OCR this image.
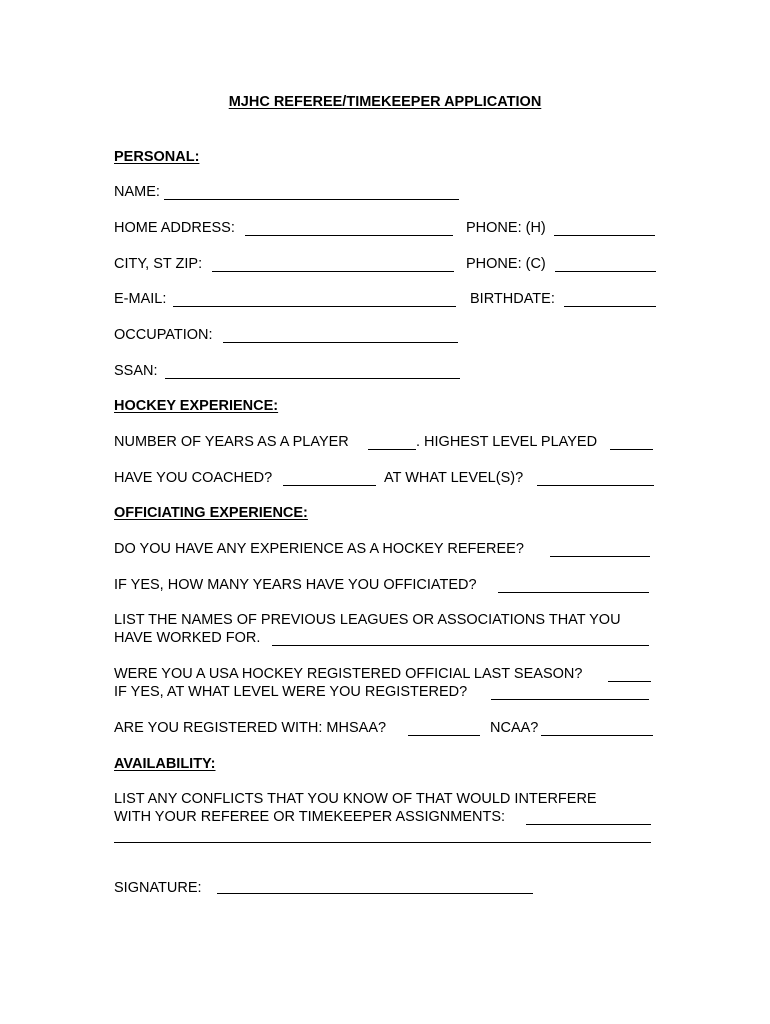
MJHC REFEREE/TIMEKEEPER APPLICATION
PERSONAL:
NAME:
HOME ADDRESS:	PHONE: (H)
CITY, ST ZIP:	PHONE: (C)
E-MAIL:	BIRTHDATE:
OCCUPATION:
SSAN:
HOCKEY EXPERIENCE:
NUMBER OF YEARS AS A PLAYER	. HIGHEST LEVEL PLAYED
HAVE YOU COACHED?	AT WHAT LEVEL(S)?
OFFICIATING EXPERIENCE:
DO YOU HAVE ANY EXPERIENCE AS A HOCKEY REFEREE?
IF YES, HOW MANY YEARS HAVE YOU OFFICIATED?
LIST THE NAMES OF PREVIOUS LEAGUES OR ASSOCIATIONS THAT YOU
HAVE WORKED FOR.
WERE YOU A USA HOCKEY REGISTERED OFFICIAL LAST SEASON?
IF YES, AT WHAT LEVEL WERE YOU REGISTERED?
ARE YOU REGISTERED WITH: MHSAA?	NCAA?
AVAILABILITY:
LIST ANY CONFLICTS THAT YOU KNOW OF THAT WOULD INTERFERE
WITH YOUR REFEREE OR TIMEKEEPER ASSIGNMENTS:
SIGNATURE:
